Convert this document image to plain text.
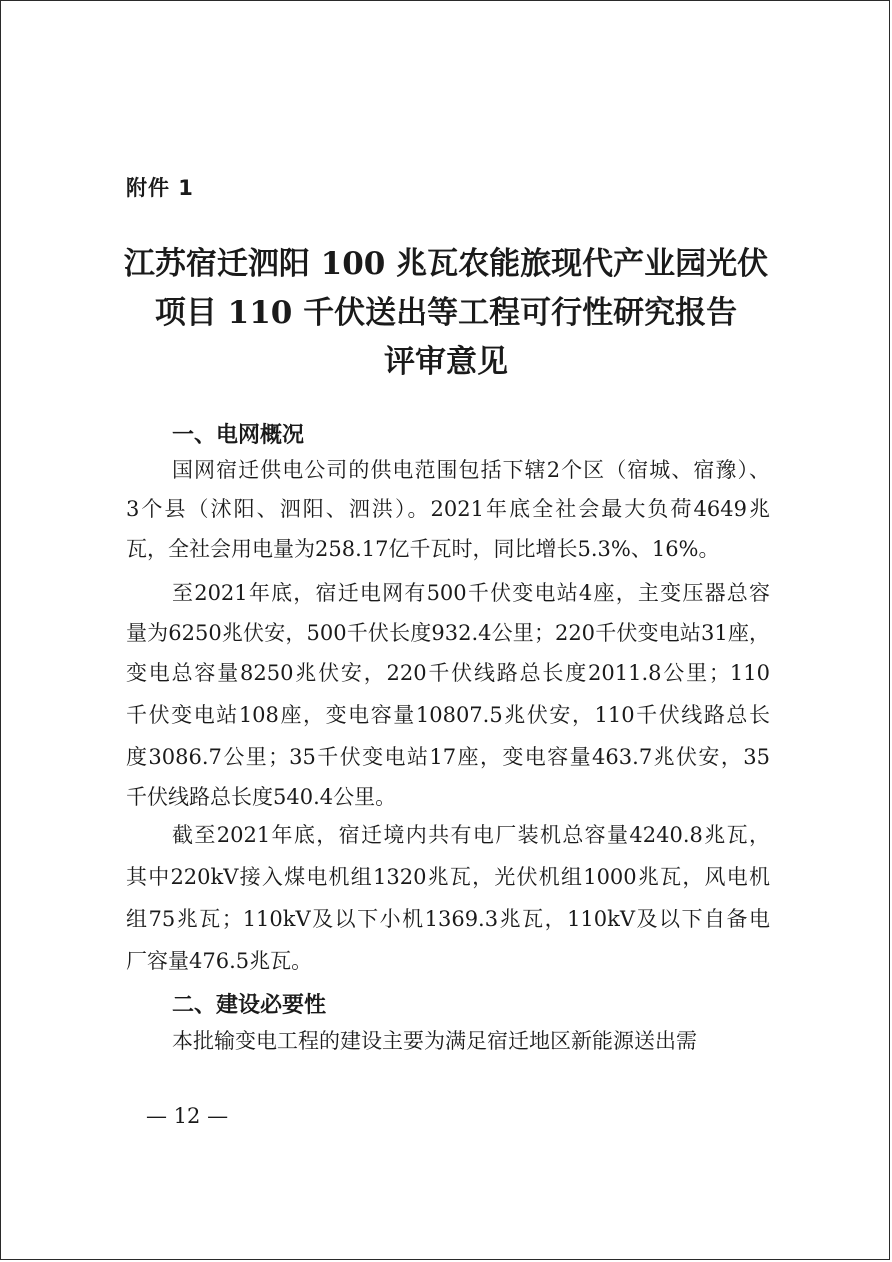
附件 1
江苏宿迁泗阳 100 兆瓦农能旅现代产业园光伏
项目 110 千伏送出等工程可行性研究报告
评审意见
一、电网概况
国网宿迁供电公司的供电范围包括下辖2个区（宿城、宿豫）、
3个县（沭阳、泗阳、泗洪）。2021年底全社会最大负荷4649兆
瓦，全社会用电量为258.17亿千瓦时，同比增长5.3%、16%。
至2021年底，宿迁电网有500千伏变电站4座，主变压器总容
量为6250兆伏安，500千伏长度932.4公里；220千伏变电站31座，
变电总容量8250兆伏安，220千伏线路总长度2011.8公里；110
千伏变电站108座，变电容量10807.5兆伏安，110千伏线路总长
度3086.7公里；35千伏变电站17座，变电容量463.7兆伏安，35
千伏线路总长度540.4公里。
截至2021年底，宿迁境内共有电厂装机总容量4240.8兆瓦，
其中220kV接入煤电机组1320兆瓦，光伏机组1000兆瓦，风电机
组75兆瓦；110kV及以下小机1369.3兆瓦，110kV及以下自备电
厂容量476.5兆瓦。
二、建设必要性
本批输变电工程的建设主要为满足宿迁地区新能源送出需
— 12 —
